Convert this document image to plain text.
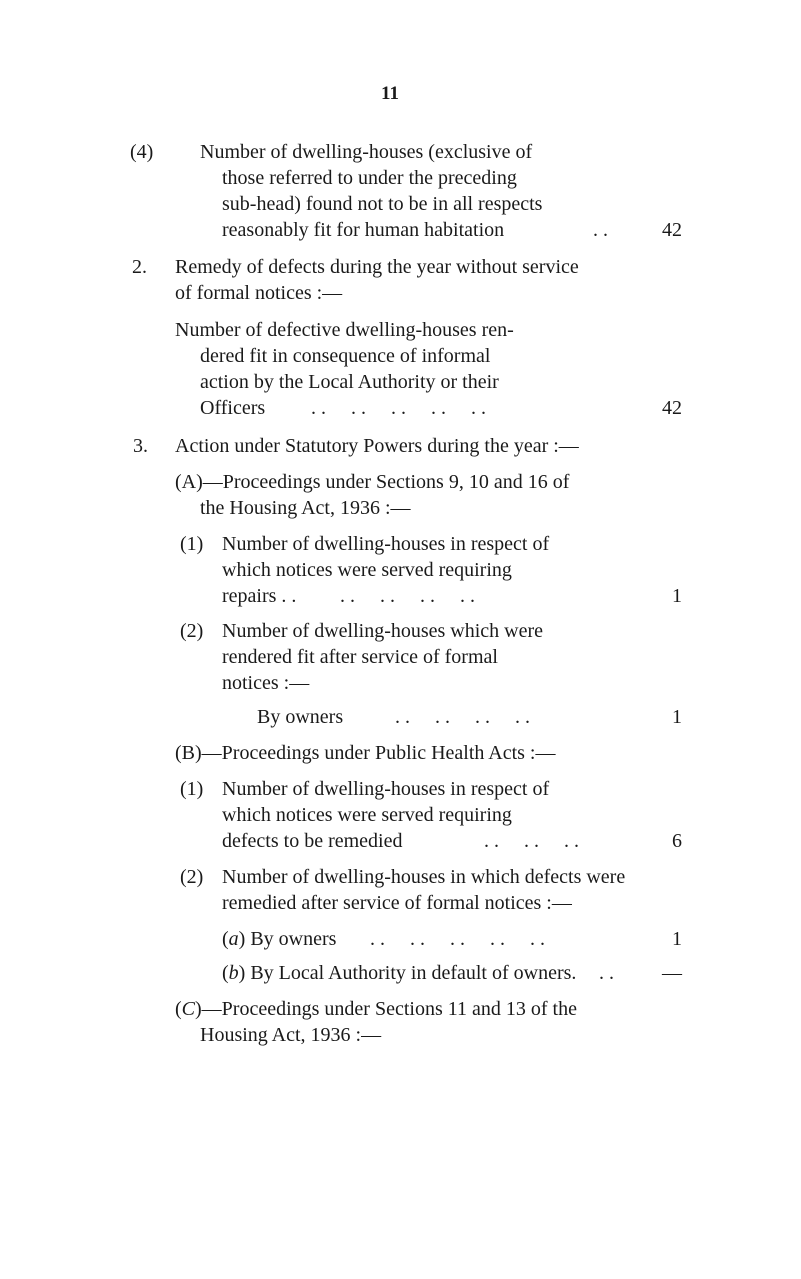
11
(4) Number of dwelling-houses (exclusive of
those referred to under the preceding
sub-head) found not to be in all respects
reasonably fit for human habitation	. .	42
2. Remedy of defects during the year without service
of formal notices :—
Number of defective dwelling-houses ren-
dered fit in consequence of informal
action by the Local Authority or their
Officers . .     . .     . .     . .     . .	42
3. Action under Statutory Powers during the year :—
(A)—Proceedings under Sections 9, 10 and 16 of
the Housing Act, 1936 :—
(1) Number of dwelling-houses in respect of
which notices were served requiring
repairs . . . .     . .     . .     . .	1
(2) Number of dwelling-houses which were
rendered fit after service of formal
notices :—
By owners	. .     . .     . .     . .	1
(B)—Proceedings under Public Health Acts :—
(1) Number of dwelling-houses in respect of
which notices were served requiring
defects to be remedied	. .     . .     . .	6
(2) Number of dwelling-houses in which defects were
remedied after service of formal notices :—
(a) By owners . .     . .     . .     . .     . .	1
(b) By Local Authority in default of owners. . .	—
(C)—Proceedings under Sections 11 and 13 of the
Housing Act, 1936 :—
